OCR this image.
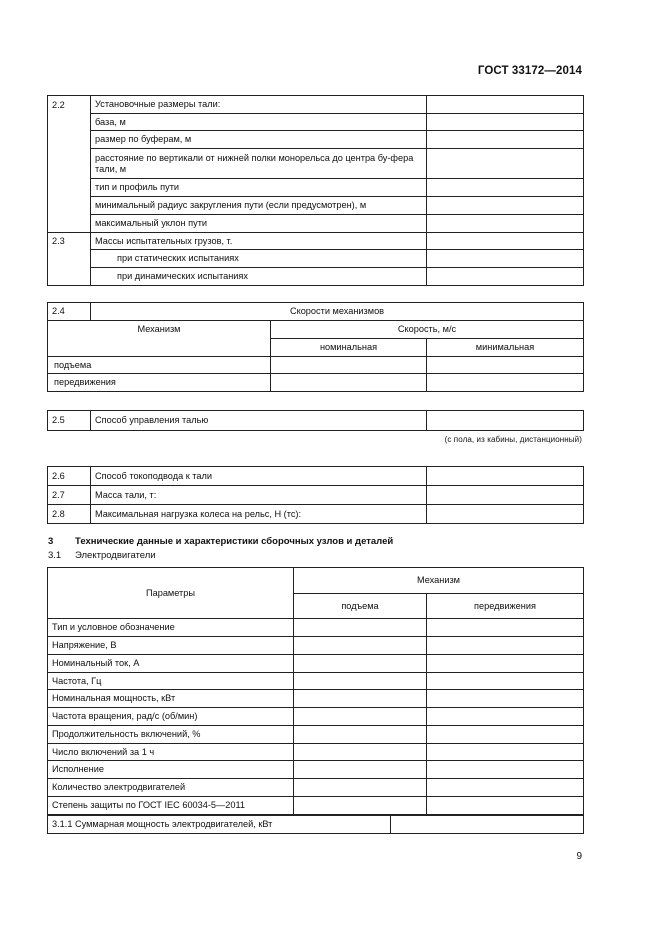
ГОСТ 33172—2014
2.2	Установочные размеры тали:	
	база, м	
	размер по буферам, м	
	расстояние по вертикали от нижней полки монорельса до центра бу-фера тали, м	
	тип и профиль пути	
	минимальный радиус закругления пути (если предусмотрен), м	
	максимальный уклон пути	
2.3	Массы испытательных грузов, т.	
	при статических испытаниях	
	при динамических испытаниях	
2.4	Скорости механизмов		
Механизм		Скорость, м/с	
		номинальная	минимальная
подъема			
передвижения			
2.5	Способ управления талью	
(с пола, из кабины, дистанционный)
2.6	Способ токоподвода к тали	
2.7	Масса тали, т:	
2.8	Максимальная нагрузка колеса на рельс, Н (тс):	
3 Технические данные и характеристики сборочных узлов и деталей
3.1 Электродвигатели
Параметры	Механизм	
	подъема	передвижения
Тип и условное обозначение		
Напряжение, В		
Номинальный ток, А		
Частота, Гц		
Номинальная мощность, кВт		
Частота вращения, рад/с (об/мин)		
Продолжительность включений, %		
Число включений за 1 ч		
Исполнение		
Количество электродвигателей		
Степень защиты по ГОСТ IEC 60034-5—2011		
3.1.1 Суммарная мощность электродвигателей, кВт	
9
